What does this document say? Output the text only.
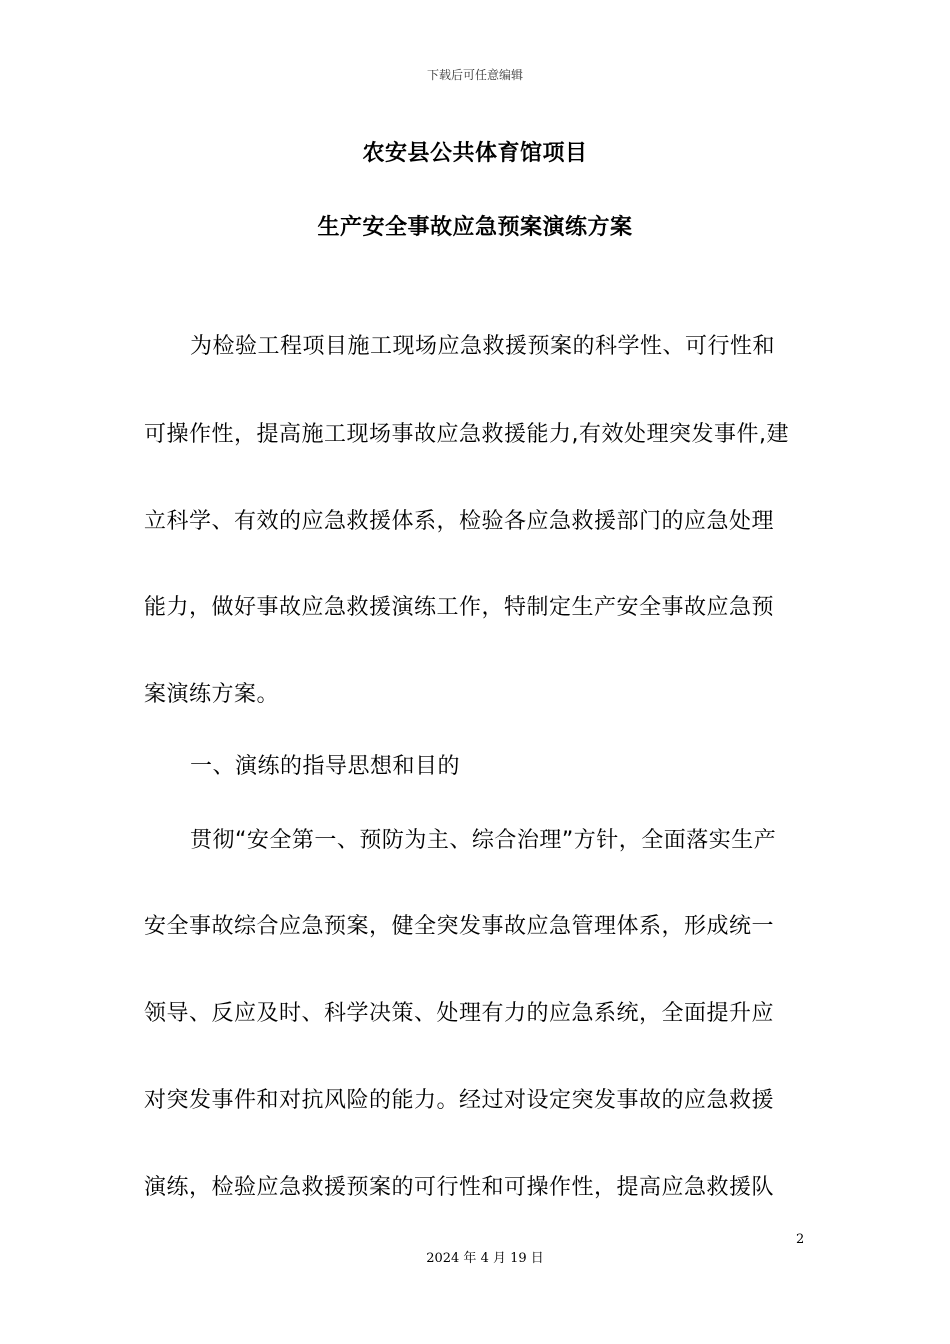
下载后可任意编辑
农安县公共体育馆项目
生产安全事故应急预案演练方案
为检验工程项目施工现场应急救援预案的科学性、可行性和
可操作性，提高施工现场事故应急救援能力,有效处理突发事件,建
立科学、有效的应急救援体系，检验各应急救援部门的应急处理
能力，做好事故应急救援演练工作，特制定生产安全事故应急预
案演练方案。
一、演练的指导思想和目的
贯彻“安全第一、预防为主、综合治理”方针，全面落实生产
安全事故综合应急预案，健全突发事故应急管理体系，形成统一
领导、反应及时、科学决策、处理有力的应急系统，全面提升应
对突发事件和对抗风险的能力。经过对设定突发事故的应急救援
演练，检验应急救援预案的可行性和可操作性，提高应急救援队
2
2024 年 4 月 19 日
